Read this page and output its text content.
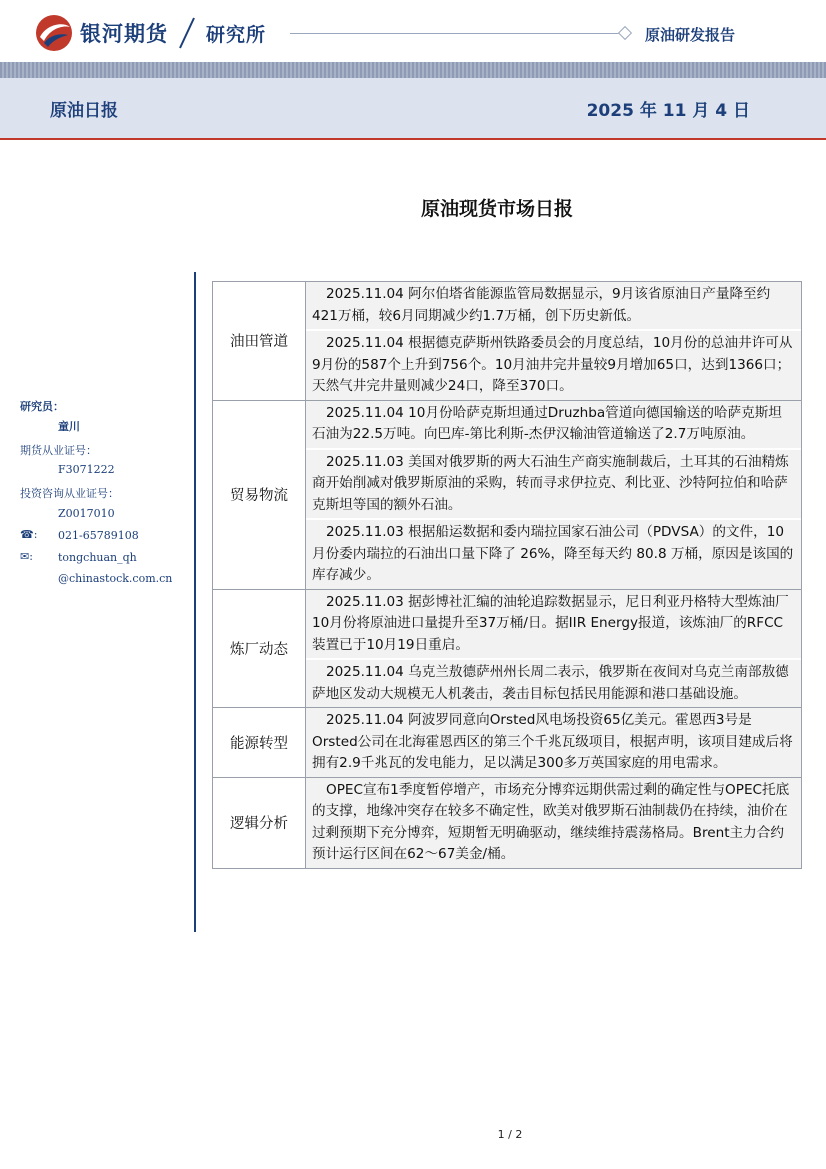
银河期货 研究所	原油研发报告
原油日报	2025 年 11 月 4 日
原油现货市场日报
研究员：
童川
期货从业证号：
F3071222
投资咨询从业证号：
Z0017010
☎: 021-65789108
✉: tongchuan_qh
@chinastock.com.cn
油田管道	2025.11.04 阿尔伯塔省能源监管局数据显示，9月该省原油日产量降至约421万桶，较6月同期减少约1.7万桶，创下历史新低。
2025.11.04 根据德克萨斯州铁路委员会的月度总结，10月份的总油井许可从9月份的587个上升到756个。10月油井完井量较9月增加65口，达到1366口；天然气井完井量则减少24口，降至370口。

贸易物流	2025.11.04 10月份哈萨克斯坦通过Druzhba管道向德国输送的哈萨克斯坦石油为22.5万吨。向巴库-第比利斯-杰伊汉输油管道输送了2.7万吨原油。
2025.11.03 美国对俄罗斯的两大石油生产商实施制裁后，土耳其的石油精炼商开始削减对俄罗斯原油的采购，转而寻求伊拉克、利比亚、沙特阿拉伯和哈萨克斯坦等国的额外石油。
2025.11.03 根据船运数据和委内瑞拉国家石油公司（PDVSA）的文件，10 月份委内瑞拉的石油出口量下降了 26%，降至每天约 80.8 万桶，原因是该国的库存减少。

炼厂动态	2025.11.03 据彭博社汇编的油轮追踪数据显示，尼日利亚丹格特大型炼油厂10月份将原油进口量提升至37万桶/日。据IIR Energy报道，该炼油厂的RFCC装置已于10月19日重启。
2025.11.04 乌克兰敖德萨州州长周二表示，俄罗斯在夜间对乌克兰南部敖德萨地区发动大规模无人机袭击，袭击目标包括民用能源和港口基础设施。

能源转型	2025.11.04 阿波罗同意向Orsted风电场投资65亿美元。霍恩西3号是Orsted公司在北海霍恩西区的第三个千兆瓦级项目，根据声明，该项目建成后将拥有2.9千兆瓦的发电能力，足以满足300多万英国家庭的用电需求。

逻辑分析	OPEC宣布1季度暂停增产，市场充分博弈远期供需过剩的确定性与OPEC托底的支撑，地缘冲突存在较多不确定性，欧美对俄罗斯石油制裁仍在持续，油价在过剩预期下充分博弈，短期暂无明确驱动，继续维持震荡格局。Brent主力合约预计运行区间在62～67美金/桶。
1 / 2
